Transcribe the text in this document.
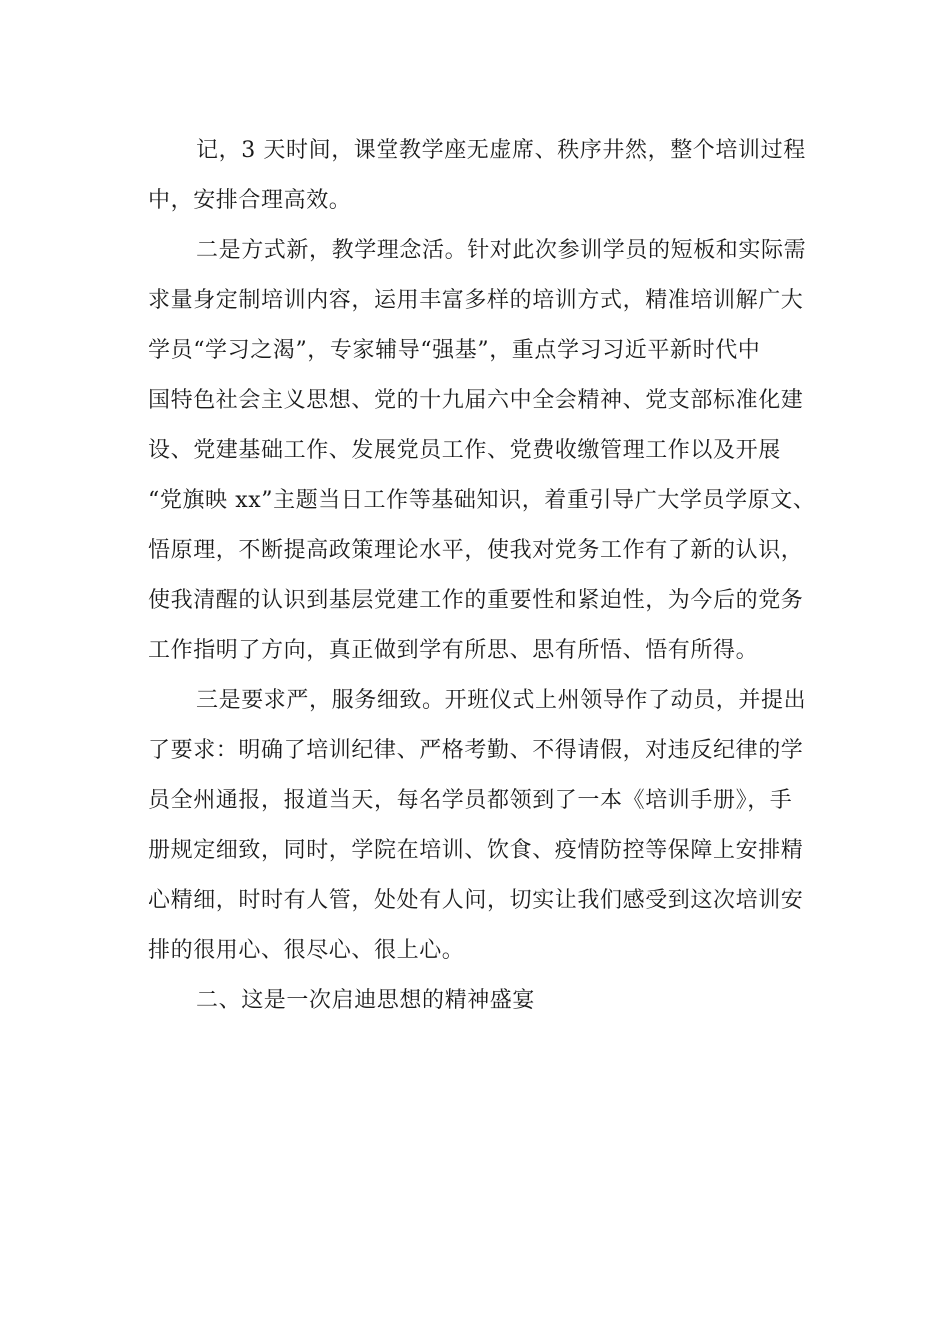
记，3 天时间，课堂教学座无虚席、秩序井然，整个培训过程
中，安排合理高效。
二是方式新，教学理念活。针对此次参训学员的短板和实际需
求量身定制培训内容，运用丰富多样的培训方式，精准培训解广大
学员“学习之渴”，专家辅导“强基”，重点学习习近平新时代中
国特色社会主义思想、党的十九届六中全会精神、党支部标准化建
设、党建基础工作、发展党员工作、党费收缴管理工作以及开展
“党旗映 xx”主题当日工作等基础知识，着重引导广大学员学原文、
悟原理，不断提高政策理论水平，使我对党务工作有了新的认识，
使我清醒的认识到基层党建工作的重要性和紧迫性，为今后的党务
工作指明了方向，真正做到学有所思、思有所悟、悟有所得。
三是要求严，服务细致。开班仪式上州领导作了动员，并提出
了要求：明确了培训纪律、严格考勤、不得请假，对违反纪律的学
员全州通报，报道当天，每名学员都领到了一本《培训手册》，手
册规定细致，同时，学院在培训、饮食、疫情防控等保障上安排精
心精细，时时有人管，处处有人问，切实让我们感受到这次培训安
排的很用心、很尽心、很上心。
二、这是一次启迪思想的精神盛宴
